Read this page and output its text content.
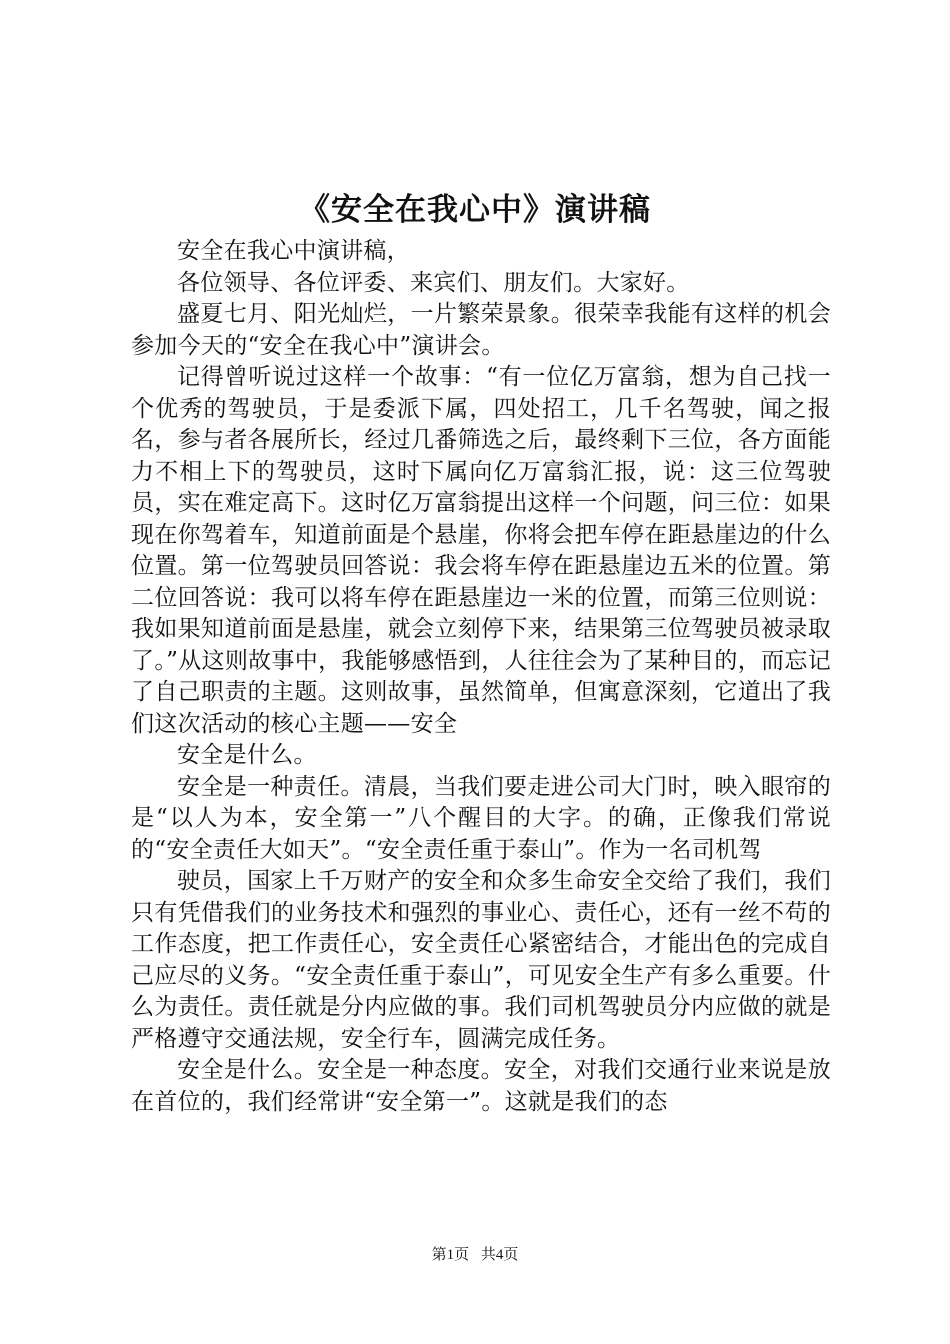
《安全在我心中》演讲稿

安全在我心中演讲稿，

各位领导、各位评委、来宾们、朋友们。大家好。

盛夏七月、阳光灿烂，一片繁荣景象。很荣幸我能有这样的机会参加今天的“安全在我心中”演讲会。

记得曾听说过这样一个故事：“有一位亿万富翁，想为自己找一个优秀的驾驶员，于是委派下属，四处招工，几千名驾驶，闻之报名，参与者各展所长，经过几番筛选之后，最终剩下三位，各方面能力不相上下的驾驶员，这时下属向亿万富翁汇报，说：这三位驾驶员，实在难定高下。这时亿万富翁提出这样一个问题，问三位：如果现在你驾着车，知道前面是个悬崖，你将会把车停在距悬崖边的什么位置。第一位驾驶员回答说：我会将车停在距悬崖边五米的位置。第二位回答说：我可以将车停在距悬崖边一米的位置，而第三位则说：我如果知道前面是悬崖，就会立刻停下来，结果第三位驾驶员被录取了。”从这则故事中，我能够感悟到，人往往会为了某种目的，而忘记了自己职责的主题。这则故事，虽然简单，但寓意深刻，它道出了我们这次活动的核心主题——安全

安全是什么。

安全是一种责任。清晨，当我们要走进公司大门时，映入眼帘的是“以人为本，安全第一”八个醒目的大字。的确，正像我们常说的“安全责任大如天”。“安全责任重于泰山”。作为一名司机驾

驶员，国家上千万财产的安全和众多生命安全交给了我们，我们只有凭借我们的业务技术和强烈的事业心、责任心，还有一丝不苟的工作态度，把工作责任心，安全责任心紧密结合，才能出色的完成自己应尽的义务。“安全责任重于泰山”，可见安全生产有多么重要。什么为责任。责任就是分内应做的事。我们司机驾驶员分内应做的就是严格遵守交通法规，安全行车，圆满完成任务。

安全是什么。安全是一种态度。安全，对我们交通行业来说是放在首位的，我们经常讲“安全第一”。这就是我们的态

第1页 共4页
